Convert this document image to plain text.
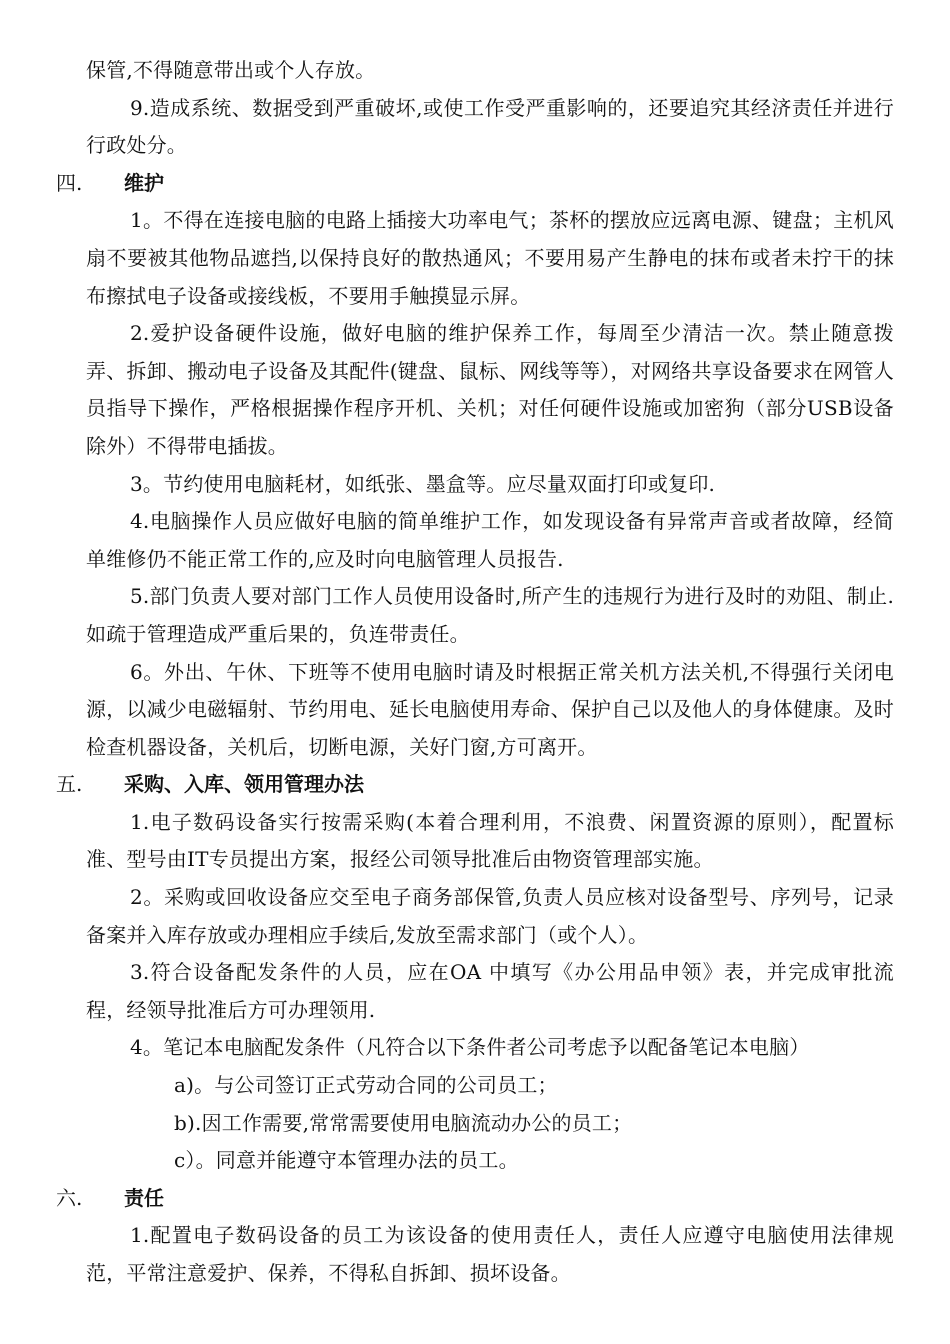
保管,不得随意带出或个人存放。

9.造成系统、数据受到严重破坏,或使工作受严重影响的，还要追究其经济责任并进行行政处分。

四.	维护

1。不得在连接电脑的电路上插接大功率电气；茶杯的摆放应远离电源、键盘；主机风扇不要被其他物品遮挡,以保持良好的散热通风；不要用易产生静电的抹布或者未拧干的抹布擦拭电子设备或接线板，不要用手触摸显示屏。

2.爱护设备硬件设施，做好电脑的维护保养工作，每周至少清洁一次。禁止随意拨弄、拆卸、搬动电子设备及其配件(键盘、鼠标、网线等等），对网络共享设备要求在网管人员指导下操作，严格根据操作程序开机、关机；对任何硬件设施或加密狗（部分USB设备除外）不得带电插拔。

3。节约使用电脑耗材，如纸张、墨盒等。应尽量双面打印或复印.

4.电脑操作人员应做好电脑的简单维护工作，如发现设备有异常声音或者故障，经简单维修仍不能正常工作的,应及时向电脑管理人员报告.

5.部门负责人要对部门工作人员使用设备时,所产生的违规行为进行及时的劝阻、制止.如疏于管理造成严重后果的，负连带责任。

6。外出、午休、下班等不使用电脑时请及时根据正常关机方法关机,不得强行关闭电源，以减少电磁辐射、节约用电、延长电脑使用寿命、保护自己以及他人的身体健康。及时检查机器设备，关机后，切断电源，关好门窗,方可离开。

五.	采购、入库、领用管理办法

1.电子数码设备实行按需采购(本着合理利用，不浪费、闲置资源的原则），配置标准、型号由IT专员提出方案，报经公司领导批准后由物资管理部实施。

2。采购或回收设备应交至电子商务部保管,负责人员应核对设备型号、序列号，记录备案并入库存放或办理相应手续后,发放至需求部门（或个人）。

3.符合设备配发条件的人员，应在OA 中填写《办公用品申领》表，并完成审批流程，经领导批准后方可办理领用.

4。笔记本电脑配发条件（凡符合以下条件者公司考虑予以配备笔记本电脑）

a)。与公司签订正式劳动合同的公司员工；

b).因工作需要,常常需要使用电脑流动办公的员工；

c）。同意并能遵守本管理办法的员工。

六.	责任

1.配置电子数码设备的员工为该设备的使用责任人，责任人应遵守电脑使用法律规范，平常注意爱护、保养，不得私自拆卸、损坏设备。
